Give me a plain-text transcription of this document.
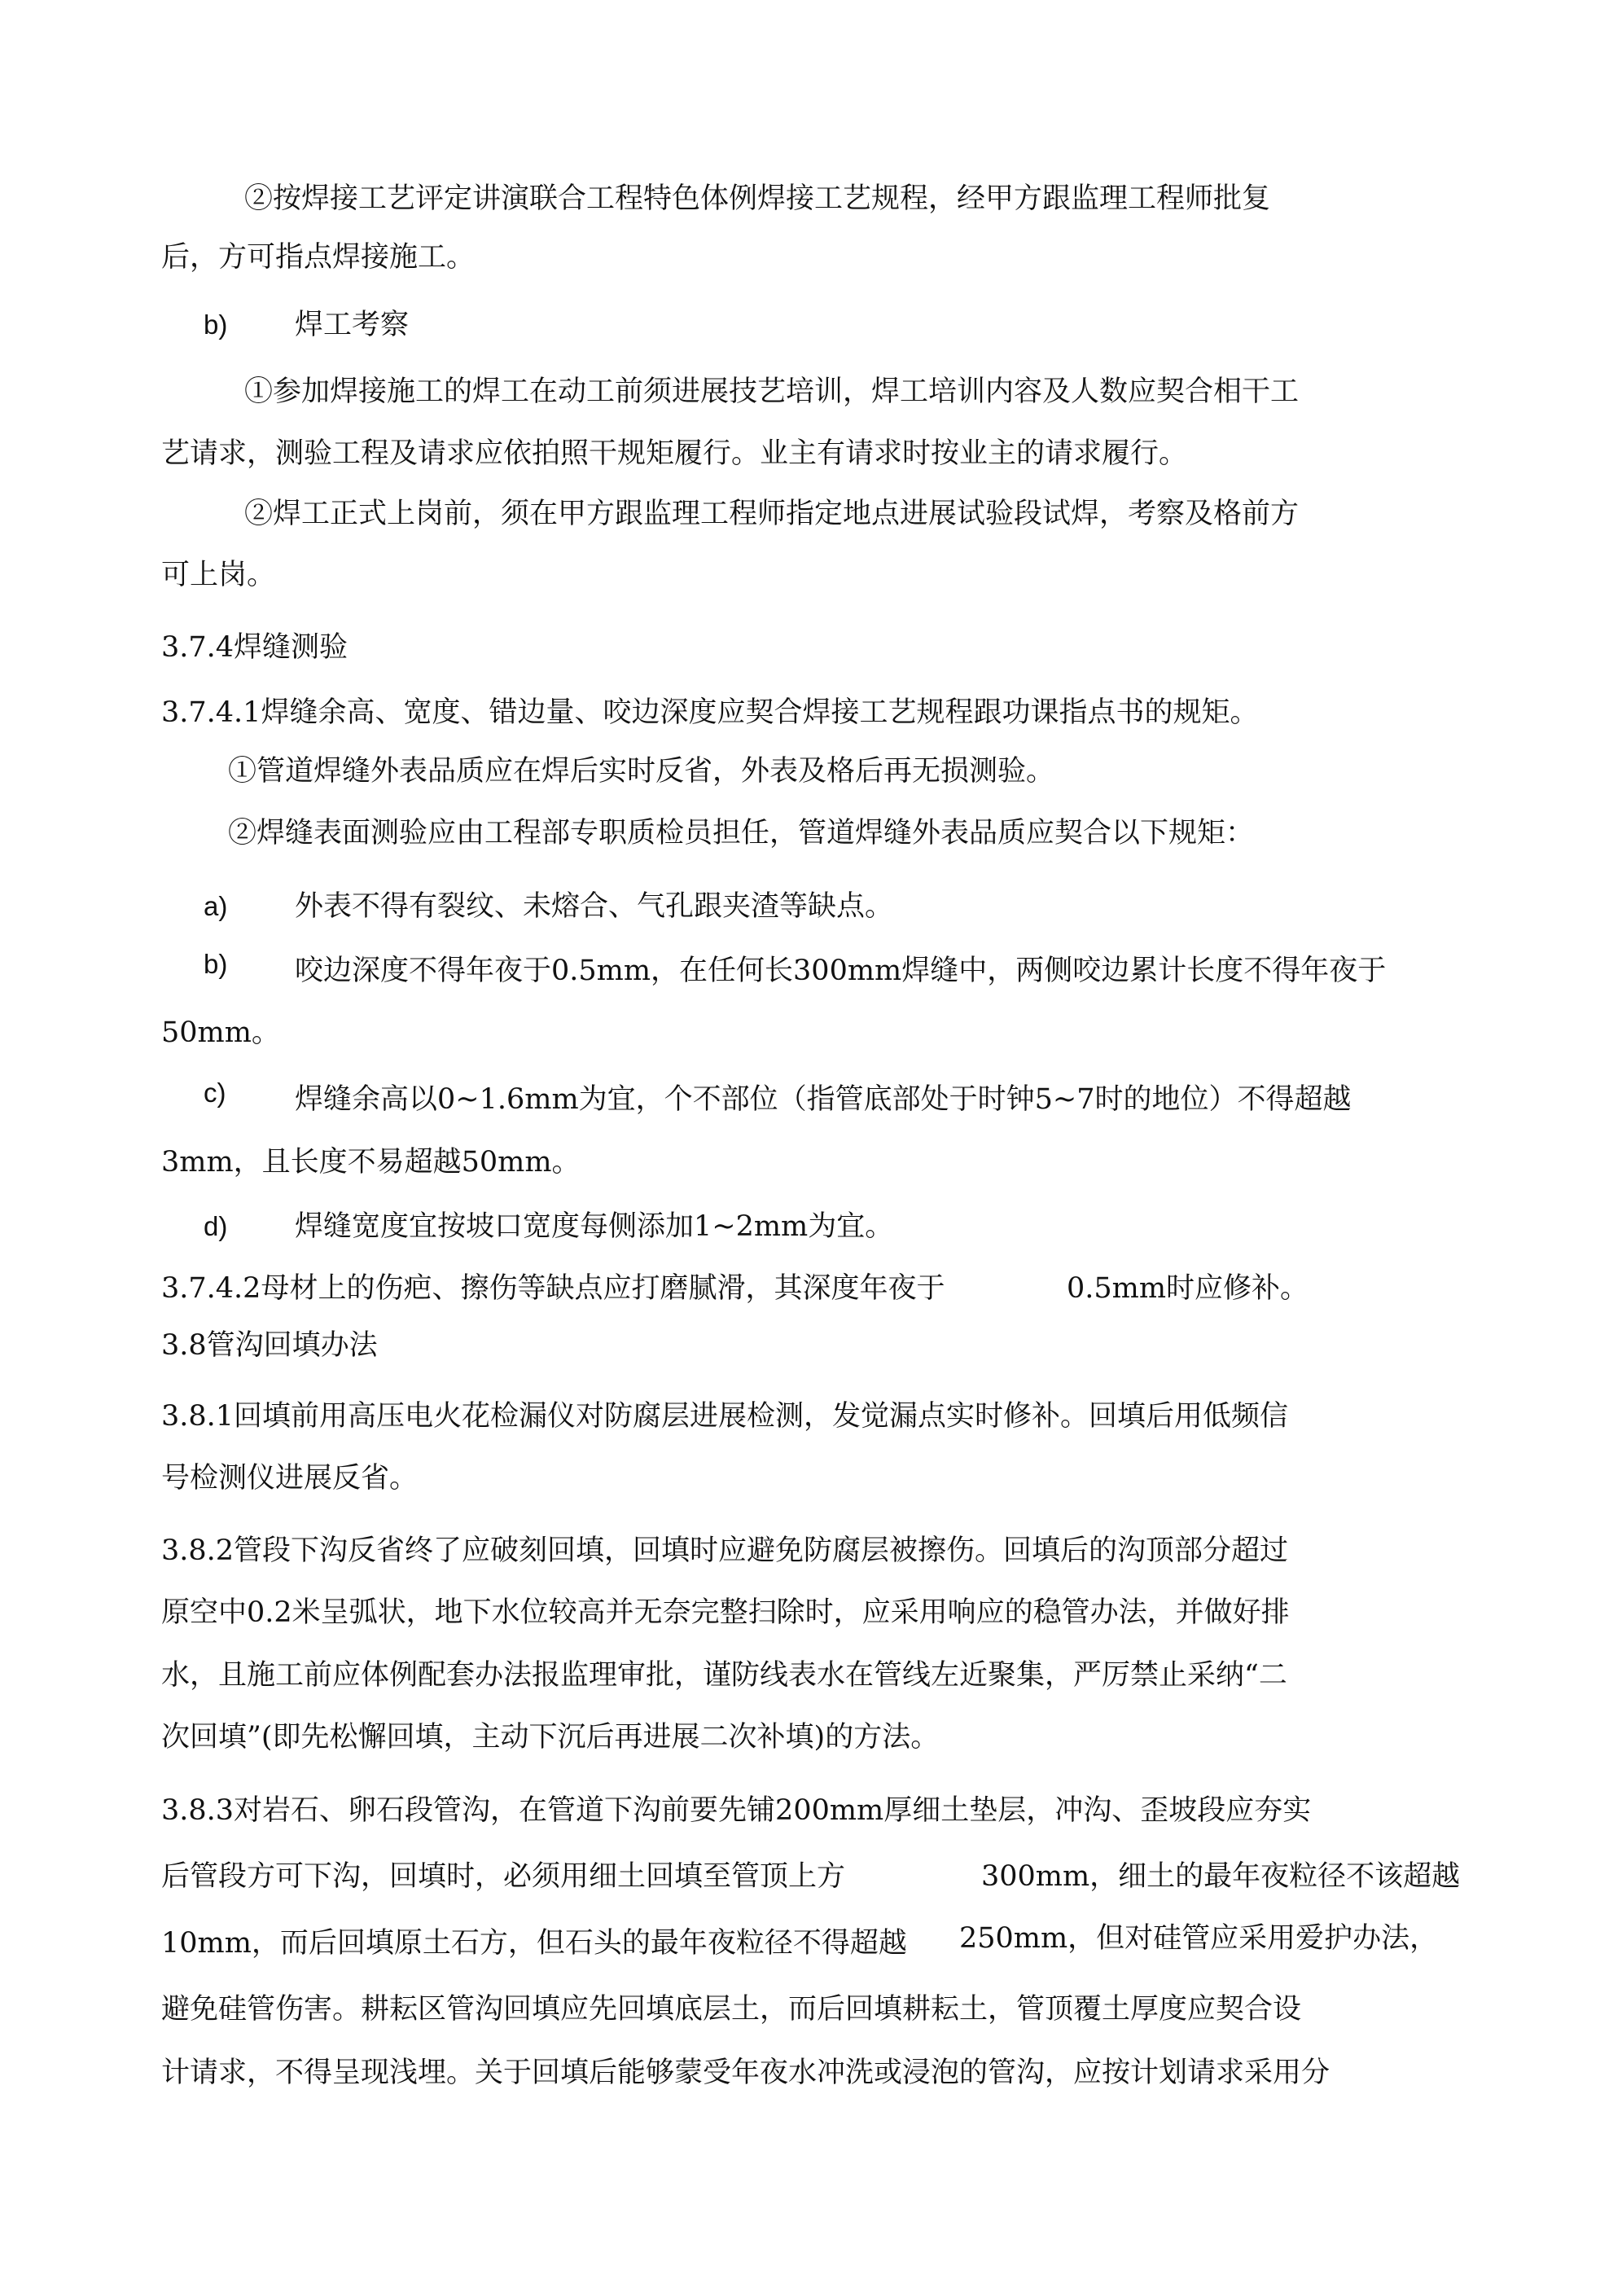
②按焊接工艺评定讲演联合工程特色体例焊接工艺规程，经甲方跟监理工程师批复
后，方可指点焊接施工。
b) 焊工考察
①参加焊接施工的焊工在动工前须进展技艺培训，焊工培训内容及人数应契合相干工
艺请求，测验工程及请求应依拍照干规矩履行。业主有请求时按业主的请求履行。
②焊工正式上岗前，须在甲方跟监理工程师指定地点进展试验段试焊，考察及格前方
可上岗。
3.7.4焊缝测验
3.7.4.1焊缝余高、宽度、错边量、咬边深度应契合焊接工艺规程跟功课指点书的规矩。
①管道焊缝外表品质应在焊后实时反省，外表及格后再无损测验。
②焊缝表面测验应由工程部专职质检员担任，管道焊缝外表品质应契合以下规矩：
a) 外表不得有裂纹、未熔合、气孔跟夹渣等缺点。
b) 咬边深度不得年夜于0.5mm，在任何长300mm焊缝中，两侧咬边累计长度不得年夜于
50mm。
c) 焊缝余高以0~1.6mm为宜，个不部位（指管底部处于时钟5~7时的地位）不得超越
3mm，且长度不易超越50mm。
d) 焊缝宽度宜按坡口宽度每侧添加1~2mm为宜。
3.7.4.2母材上的伤疤、擦伤等缺点应打磨腻滑，其深度年夜于	0.5mm时应修补。
3.8管沟回填办法
3.8.1回填前用高压电火花检漏仪对防腐层进展检测，发觉漏点实时修补。回填后用低频信
号检测仪进展反省。
3.8.2管段下沟反省终了应破刻回填，回填时应避免防腐层被擦伤。回填后的沟顶部分超过
原空中0.2米呈弧状，地下水位较高并无奈完整扫除时，应采用响应的稳管办法，并做好排
水，且施工前应体例配套办法报监理审批，谨防线表水在管线左近聚集，严厉禁止采纳“二
次回填”(即先松懈回填，主动下沉后再进展二次补填)的方法。
3.8.3对岩石、卵石段管沟，在管道下沟前要先铺200mm厚细土垫层，冲沟、歪坡段应夯实
后管段方可下沟，回填时，必须用细土回填至管顶上方	300mm，细土的最年夜粒径不该超越
10mm，而后回填原土石方，但石头的最年夜粒径不得超越 250mm，但对硅管应采用爱护办法，
避免硅管伤害。耕耘区管沟回填应先回填底层土，而后回填耕耘土，管顶覆土厚度应契合设
计请求，不得呈现浅埋。关于回填后能够蒙受年夜水冲洗或浸泡的管沟，应按计划请求采用分
